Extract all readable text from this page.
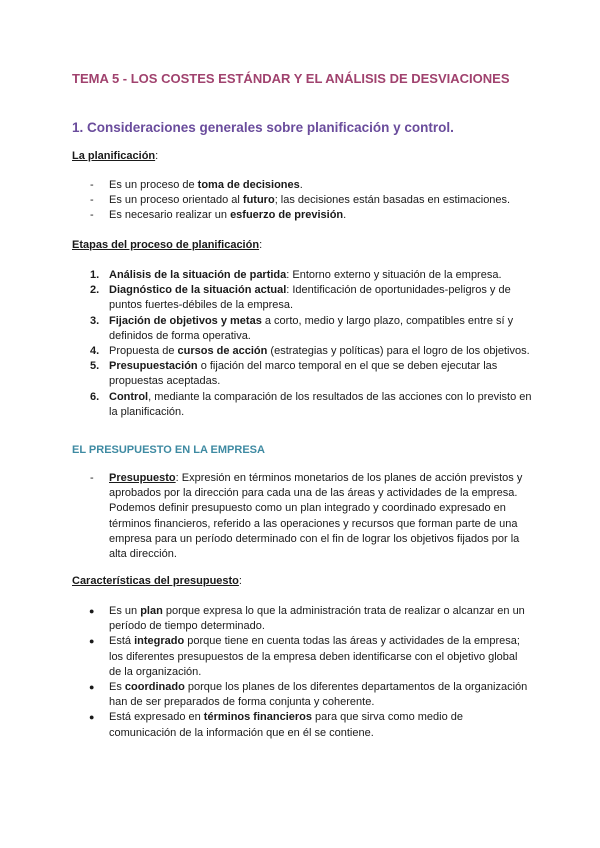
TEMA 5 - LOS COSTES ESTÁNDAR Y EL ANÁLISIS DE DESVIACIONES
1. Consideraciones generales sobre planificación y control.
La planificación:
- Es un proceso de toma de decisiones.
- Es un proceso orientado al futuro; las decisiones están basadas en estimaciones.
- Es necesario realizar un esfuerzo de previsión.
Etapas del proceso de planificación:
1. Análisis de la situación de partida: Entorno externo y situación de la empresa.
2. Diagnóstico de la situación actual: Identificación de oportunidades-peligros y de puntos fuertes-débiles de la empresa.
3. Fijación de objetivos y metas a corto, medio y largo plazo, compatibles entre sí y definidos de forma operativa.
4. Propuesta de cursos de acción (estrategias y políticas) para el logro de los objetivos.
5. Presupuestación o fijación del marco temporal en el que se deben ejecutar las propuestas aceptadas.
6. Control, mediante la comparación de los resultados de las acciones con lo previsto en la planificación.
EL PRESUPUESTO EN LA EMPRESA
- Presupuesto: Expresión en términos monetarios de los planes de acción previstos y aprobados por la dirección para cada una de las áreas y actividades de la empresa. Podemos definir presupuesto como un plan integrado y coordinado expresado en términos financieros, referido a las operaciones y recursos que forman parte de una empresa para un período determinado con el fin de lograr los objetivos fijados por la alta dirección.
Características del presupuesto:
● Es un plan porque expresa lo que la administración trata de realizar o alcanzar en un período de tiempo determinado.
● Está integrado porque tiene en cuenta todas las áreas y actividades de la empresa; los diferentes presupuestos de la empresa deben identificarse con el objetivo global de la organización.
● Es coordinado porque los planes de los diferentes departamentos de la organización han de ser preparados de forma conjunta y coherente.
● Está expresado en términos financieros para que sirva como medio de comunicación de la información que en él se contiene.
